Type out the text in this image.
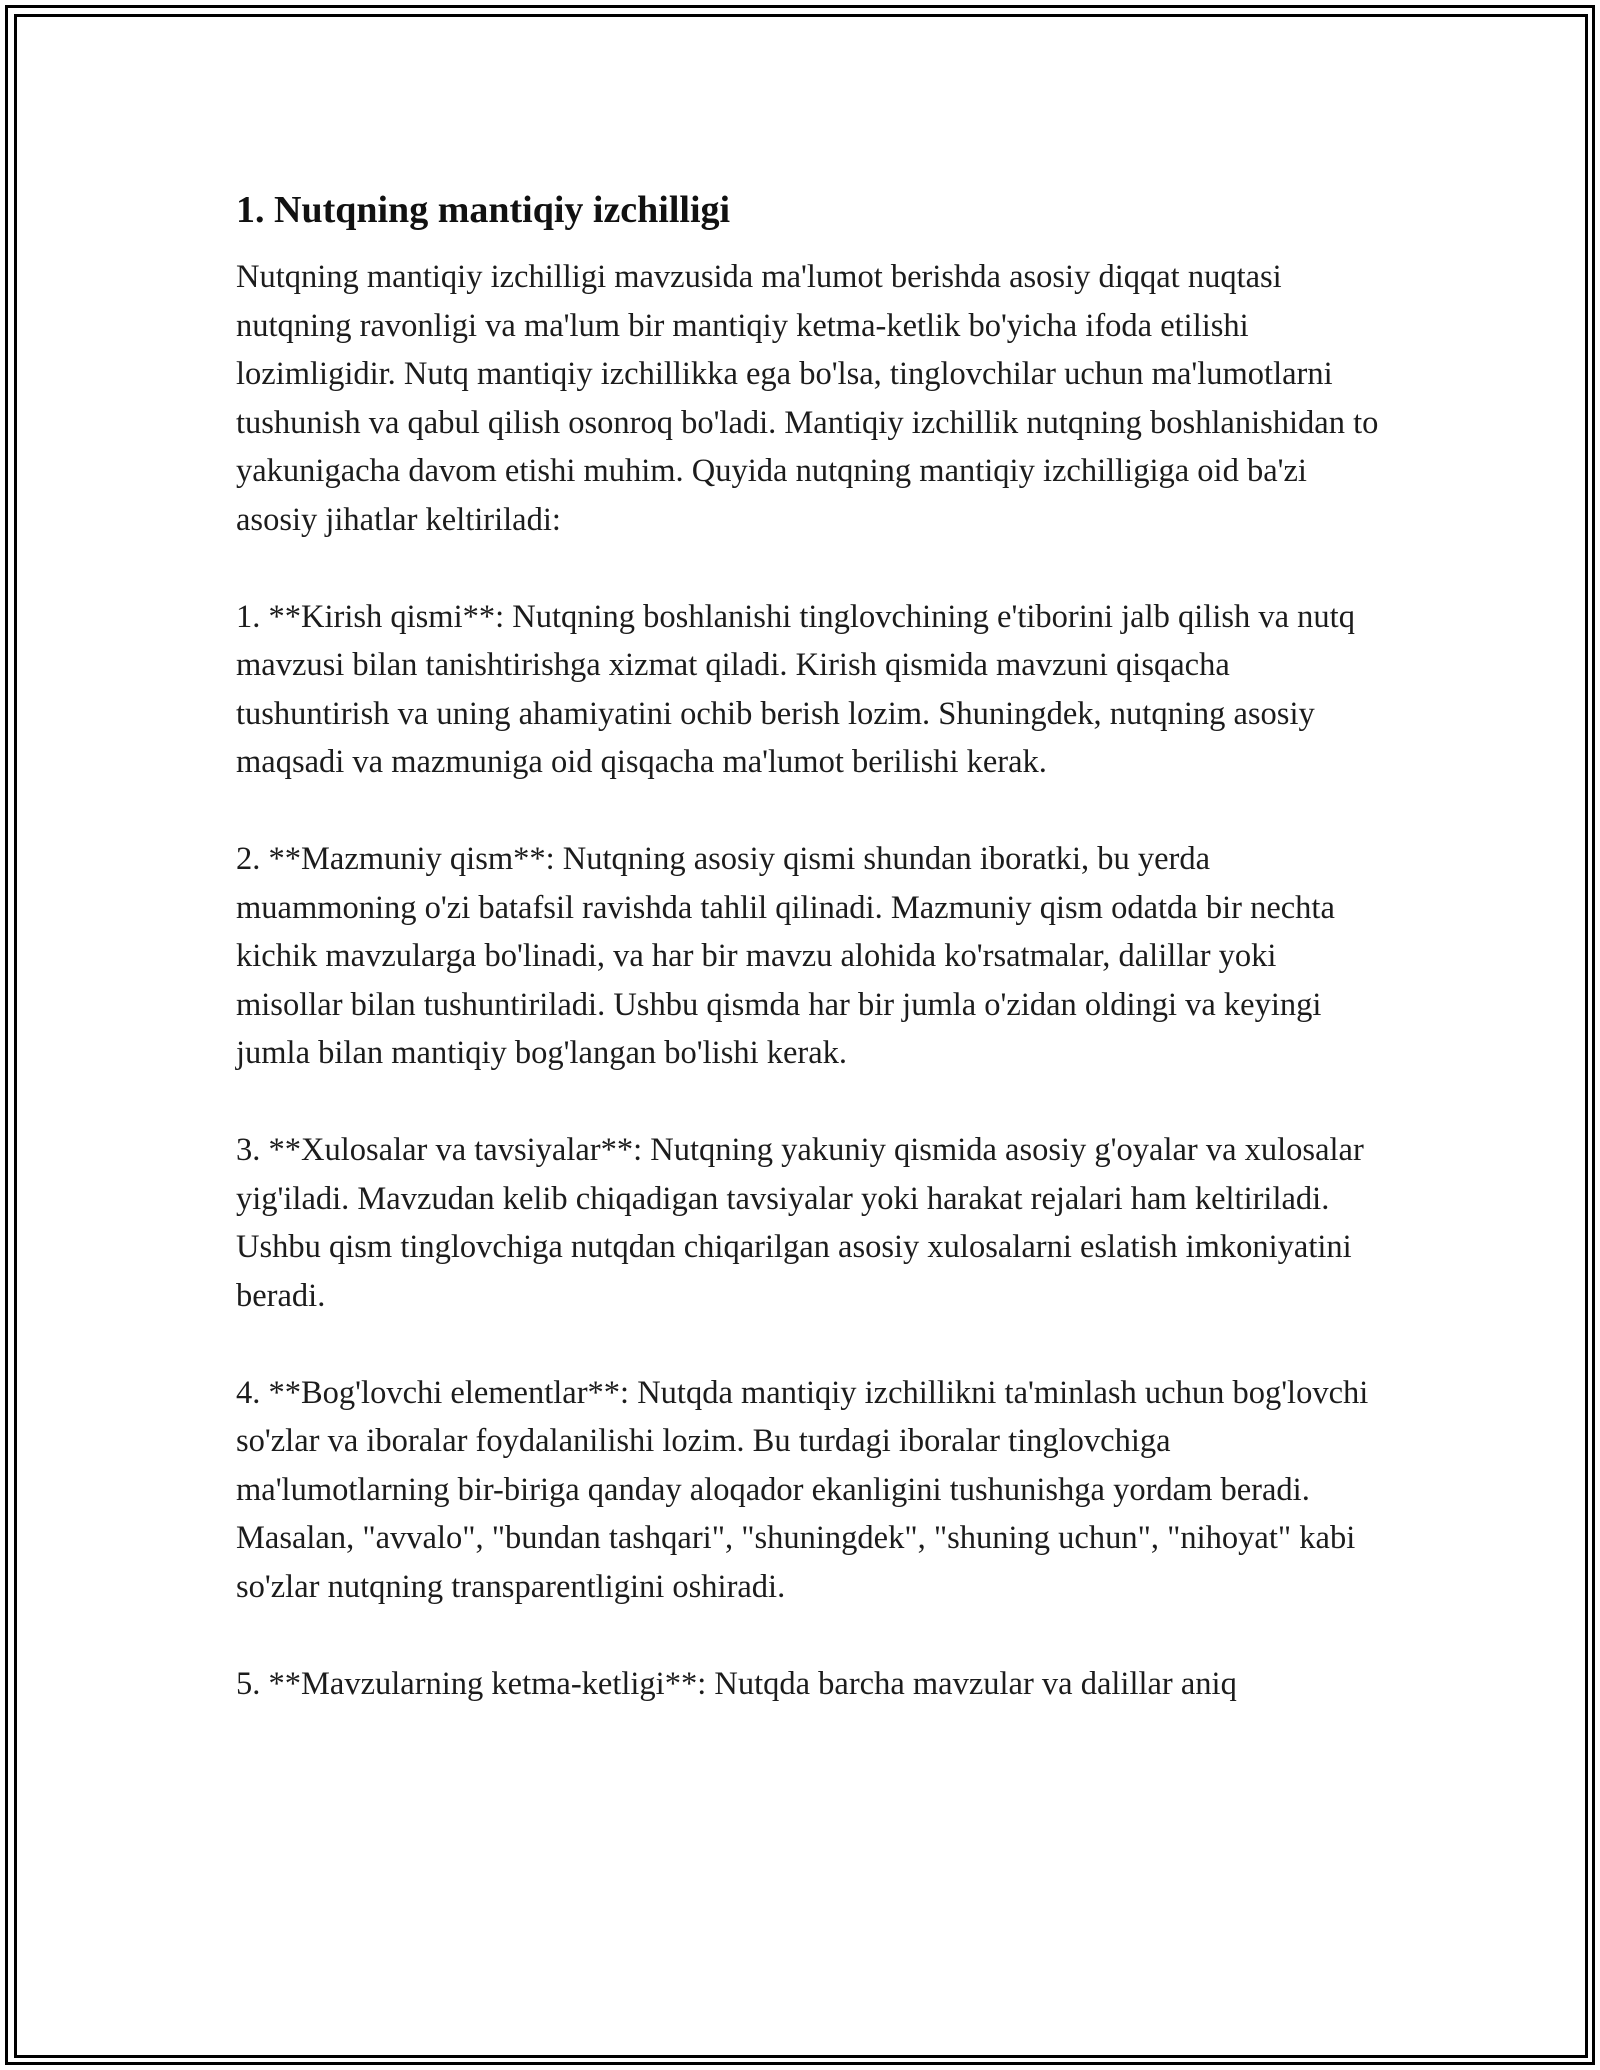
1. Nutqning mantiqiy izchilligi

Nutqning mantiqiy izchilligi mavzusida ma'lumot berishda asosiy diqqat nuqtasi nutqning ravonligi va ma'lum bir mantiqiy ketma-ketlik bo'yicha ifoda etilishi lozimligidir. Nutq mantiqiy izchillikka ega bo'lsa, tinglovchilar uchun ma'lumotlarni tushunish va qabul qilish osonroq bo'ladi. Mantiqiy izchillik nutqning boshlanishidan to yakunigacha davom etishi muhim. Quyida nutqning mantiqiy izchilligiga oid ba'zi asosiy jihatlar keltiriladi:

1. **Kirish qismi**: Nutqning boshlanishi tinglovchining e'tiborini jalb qilish va nutq mavzusi bilan tanishtirishga xizmat qiladi. Kirish qismida mavzuni qisqacha tushuntirish va uning ahamiyatini ochib berish lozim. Shuningdek, nutqning asosiy maqsadi va mazmuniga oid qisqacha ma'lumot berilishi kerak.

2. **Mazmuniy qism**: Nutqning asosiy qismi shundan iboratki, bu yerda muammoning o'zi batafsil ravishda tahlil qilinadi. Mazmuniy qism odatda bir nechta kichik mavzularga bo'linadi, va har bir mavzu alohida ko'rsatmalar, dalillar yoki misollar bilan tushuntiriladi. Ushbu qismda har bir jumla o'zidan oldingi va keyingi jumla bilan mantiqiy bog'langan bo'lishi kerak.

3. **Xulosalar va tavsiyalar**: Nutqning yakuniy qismida asosiy g'oyalar va xulosalar yig'iladi. Mavzudan kelib chiqadigan tavsiyalar yoki harakat rejalari ham keltiriladi. Ushbu qism tinglovchiga nutqdan chiqarilgan asosiy xulosalarni eslatish imkoniyatini beradi.

4. **Bog'lovchi elementlar**: Nutqda mantiqiy izchillikni ta'minlash uchun bog'lovchi so'zlar va iboralar foydalanilishi lozim. Bu turdagi iboralar tinglovchiga ma'lumotlarning bir-biriga qanday aloqador ekanligini tushunishga yordam beradi. Masalan, "avvalo", "bundan tashqari", "shuningdek", "shuning uchun", "nihoyat" kabi so'zlar nutqning transparentligini oshiradi.

5. **Mavzularning ketma-ketligi**: Nutqda barcha mavzular va dalillar aniq
